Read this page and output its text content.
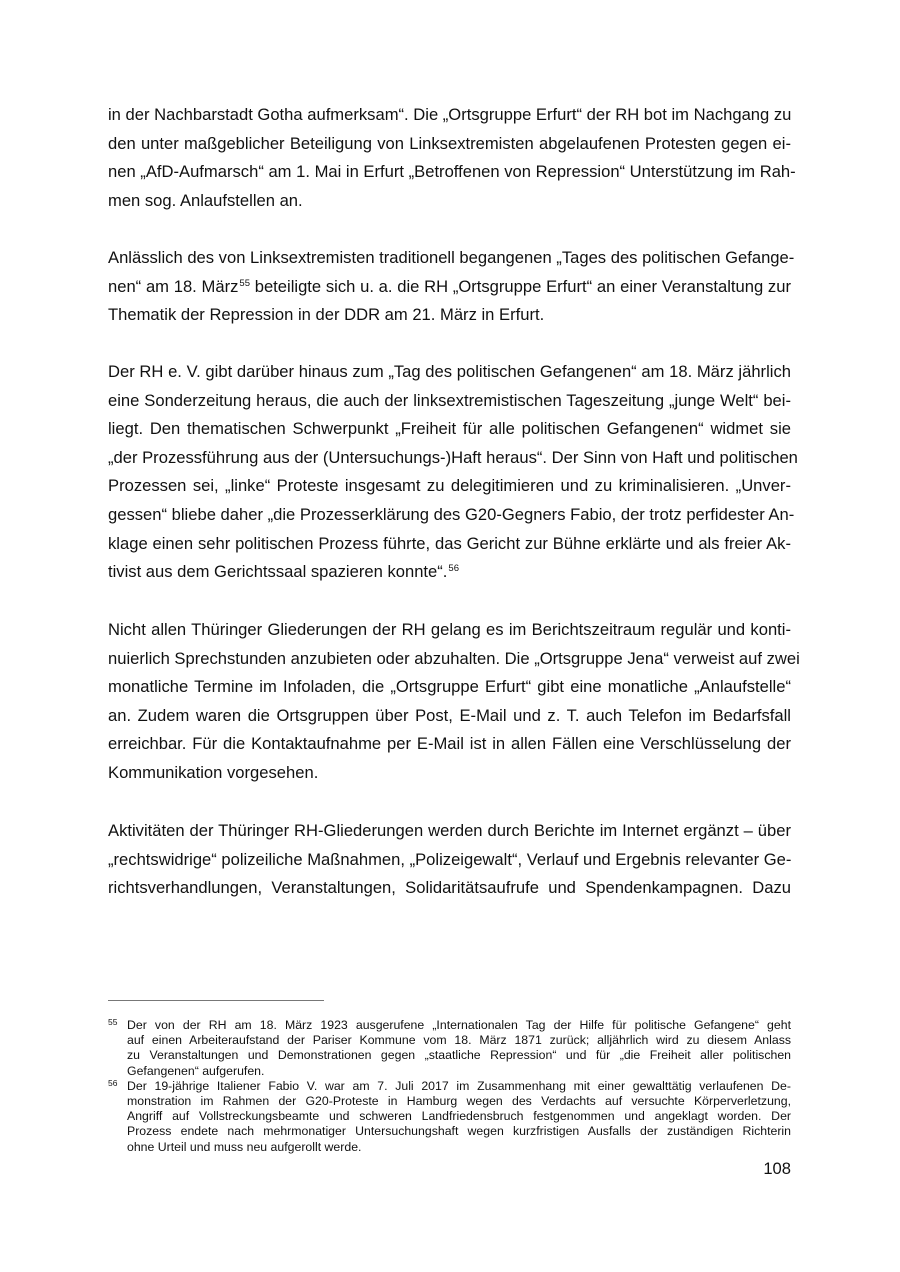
in der Nachbarstadt Gotha aufmerksam“. Die „Ortsgruppe Erfurt“ der RH bot im Nachgang zu
den unter maßgeblicher Beteiligung von Linksextremisten abgelaufenen Protesten gegen ei-
nen „AfD-Aufmarsch“ am 1. Mai in Erfurt „Betroffenen von Repression“ Unterstützung im Rah-
men sog. Anlaufstellen an.
Anlässlich des von Linksextremisten traditionell begangenen „Tages des politischen Gefange-
nen“ am 18. März$^{55}$ beteiligte sich u. a. die RH „Ortsgruppe Erfurt“ an einer Veranstaltung zur
Thematik der Repression in der DDR am 21. März in Erfurt.
Der RH e. V. gibt darüber hinaus zum „Tag des politischen Gefangenen“ am 18. März jährlich
eine Sonderzeitung heraus, die auch der linksextremistischen Tageszeitung „junge Welt“ bei-
liegt. Den thematischen Schwerpunkt „Freiheit für alle politischen Gefangenen“ widmet sie
„der Prozessführung aus der (Untersuchungs-)Haft heraus“. Der Sinn von Haft und politischen
Prozessen sei, „linke“ Proteste insgesamt zu delegitimieren und zu kriminalisieren. „Unver-
gessen“ bliebe daher „die Prozesserklärung des G20-Gegners Fabio, der trotz perfidester An-
klage einen sehr politischen Prozess führte, das Gericht zur Bühne erklärte und als freier Ak-
tivist aus dem Gerichtssaal spazieren konnte“.$^{56}$
Nicht allen Thüringer Gliederungen der RH gelang es im Berichtszeitraum regulär und konti-
nuierlich Sprechstunden anzubieten oder abzuhalten. Die „Ortsgruppe Jena“ verweist auf zwei
monatliche Termine im Infoladen, die „Ortsgruppe Erfurt“ gibt eine monatliche „Anlaufstelle“
an. Zudem waren die Ortsgruppen über Post, E-Mail und z. T. auch Telefon im Bedarfsfall
erreichbar. Für die Kontaktaufnahme per E-Mail ist in allen Fällen eine Verschlüsselung der
Kommunikation vorgesehen.
Aktivitäten der Thüringer RH-Gliederungen werden durch Berichte im Internet ergänzt – über
„rechtswidrige“ polizeiliche Maßnahmen, „Polizeigewalt“, Verlauf und Ergebnis relevanter Ge-
richtsverhandlungen, Veranstaltungen, Solidaritätsaufrufe und Spendenkampagnen. Dazu
55 Der von der RH am 18. März 1923 ausgerufene „Internationalen Tag der Hilfe für politische Gefangene“ geht
auf einen Arbeiteraufstand der Pariser Kommune vom 18. März 1871 zurück; alljährlich wird zu diesem Anlass
zu Veranstaltungen und Demonstrationen gegen „staatliche Repression“ und für „die Freiheit aller politischen
Gefangenen“ aufgerufen.
56 Der 19-jährige Italiener Fabio V. war am 7. Juli 2017 im Zusammenhang mit einer gewalttätig verlaufenen De-
monstration im Rahmen der G20-Proteste in Hamburg wegen des Verdachts auf versuchte Körperverletzung,
Angriff auf Vollstreckungsbeamte und schweren Landfriedensbruch festgenommen und angeklagt worden. Der
Prozess endete nach mehrmonatiger Untersuchungshaft wegen kurzfristigen Ausfalls der zuständigen Richterin
ohne Urteil und muss neu aufgerollt werde.
108
